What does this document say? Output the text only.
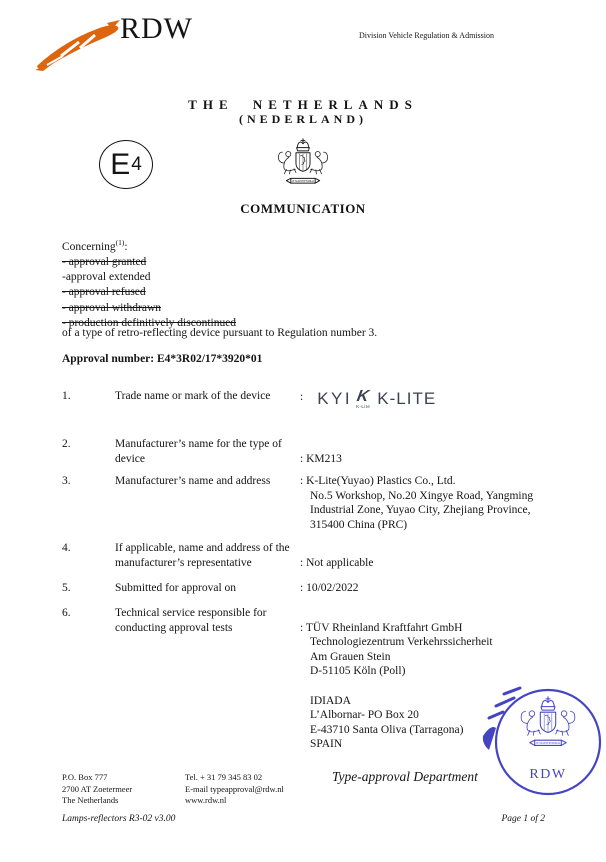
RDW	Division Vehicle Regulation & Admission
THE NETHERLANDS
(NEDERLAND)
E 4
COMMUNICATION
Concerning$^{(1)}$:
- approval granted
-approval extended
- approval refused
- approval withdrawn
- production definitively discontinued
of a type of retro-reflecting device pursuant to Regulation number 3.
Approval number: E4*3R02/17*3920*01
1.	Trade name or mark of the device	: KYI K
K-Lite K-LITE
2.	Manufacturer’s name for the type of
device	: KM213
3.	Manufacturer’s name and address	: K-Lite(Yuyao) Plastics Co., Ltd.
No.5 Workshop, No.20 Xingye Road, Yangming
Industrial Zone, Yuyao City, Zhejiang Province,
315400 China (PRC)
4.	If applicable, name and address of the
manufacturer’s representative	: Not applicable
5.	Submitted for approval on	: 10/02/2022
6.	Technical service responsible for
conducting approval tests	: TÜV Rheinland Kraftfahrt GmbH
Technologiezentrum Verkehrssicherheit
Am Grauen Stein
D-51105 Köln (Poll)
IDIADA
L’Albornar- PO Box 20
E-43710 Santa Oliva (Tarragona)
SPAIN
RDW
Type-approval Department
P.O. Box 777
2700 AT Zoetermeer
The Netherlands
Tel. + 31 79 345 83 02
E-mail typeapproval@rdw.nl
www.rdw.nl
Lamps-reflectors R3-02 v3.00	Page 1 of 2
